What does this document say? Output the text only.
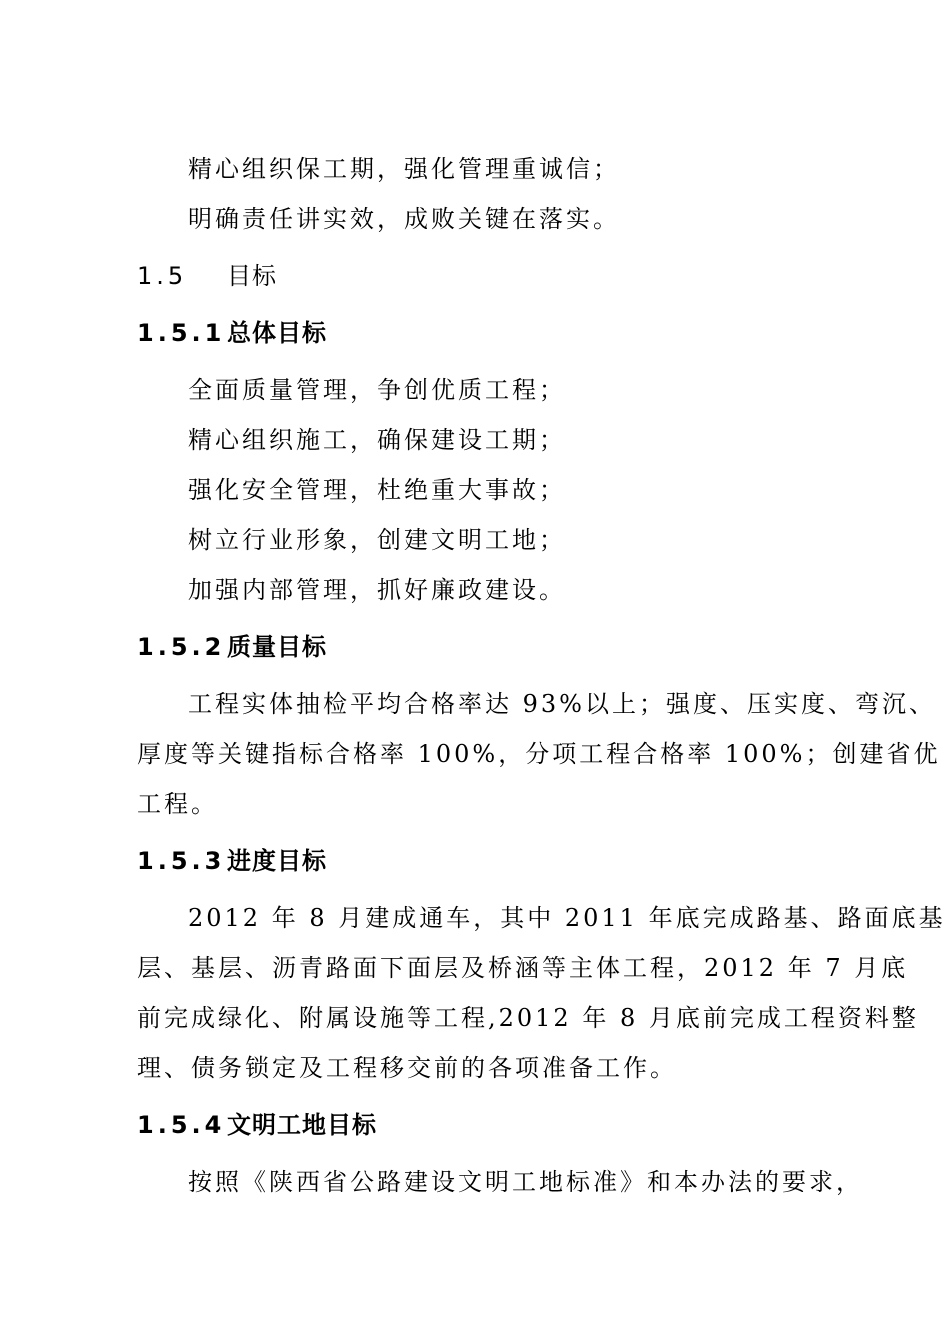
精心组织保工期，强化管理重诚信；
明确责任讲实效，成败关键在落实。
1.5 目标
1.5.1总体目标
全面质量管理，争创优质工程；
精心组织施工，确保建设工期；
强化安全管理，杜绝重大事故；
树立行业形象，创建文明工地；
加强内部管理，抓好廉政建设。
1.5.2质量目标
工程实体抽检平均合格率达 93%以上；强度、压实度、弯沉、
厚度等关键指标合格率 100%，分项工程合格率 100%；创建省优
工程。
1.5.3进度目标
2012 年 8 月建成通车，其中 2011 年底完成路基、路面底基
层、基层、沥青路面下面层及桥涵等主体工程，2012 年 7 月底
前完成绿化、附属设施等工程,2012 年 8 月底前完成工程资料整
理、债务锁定及工程移交前的各项准备工作。
1.5.4文明工地目标
按照《陕西省公路建设文明工地标准》和本办法的要求，
